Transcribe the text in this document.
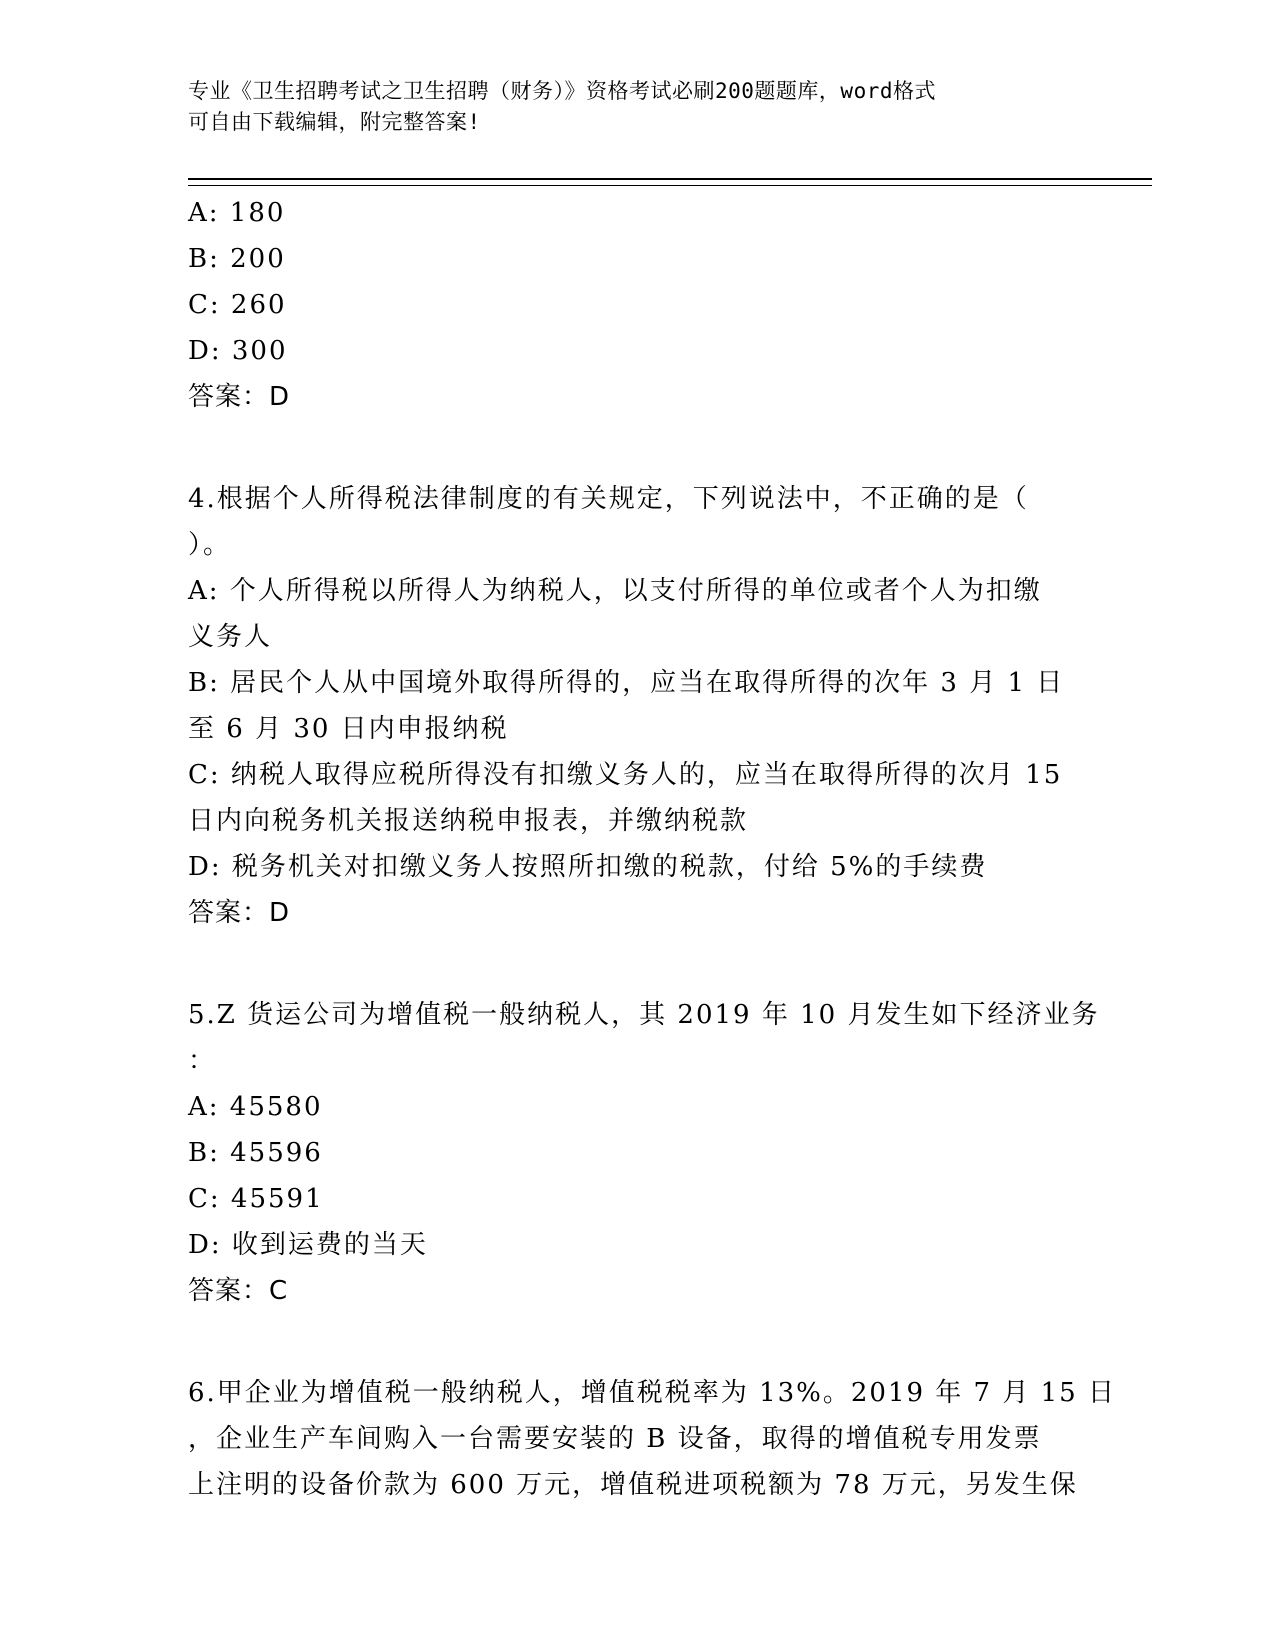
专业《卫生招聘考试之卫生招聘（财务）》资格考试必刷200题题库，word格式
可自由下载编辑，附完整答案!
A: 180
B: 200
C: 260
D: 300
答案：D
4.根据个人所得税法律制度的有关规定，下列说法中，不正确的是（
）。
A: 个人所得税以所得人为纳税人，以支付所得的单位或者个人为扣缴
义务人
B: 居民个人从中国境外取得所得的，应当在取得所得的次年 3 月 1 日
至 6 月 30 日内申报纳税
C: 纳税人取得应税所得没有扣缴义务人的，应当在取得所得的次月 15
日内向税务机关报送纳税申报表，并缴纳税款
D: 税务机关对扣缴义务人按照所扣缴的税款，付给 5%的手续费
答案：D
5.Z 货运公司为增值税一般纳税人，其 2019 年 10 月发生如下经济业务
：
A: 45580
B: 45596
C: 45591
D: 收到运费的当天
答案：C
6.甲企业为增值税一般纳税人，增值税税率为 13%。2019 年 7 月 15 日
，企业生产车间购入一台需要安装的 B 设备，取得的增值税专用发票
上注明的设备价款为 600 万元，增值税进项税额为 78 万元，另发生保
